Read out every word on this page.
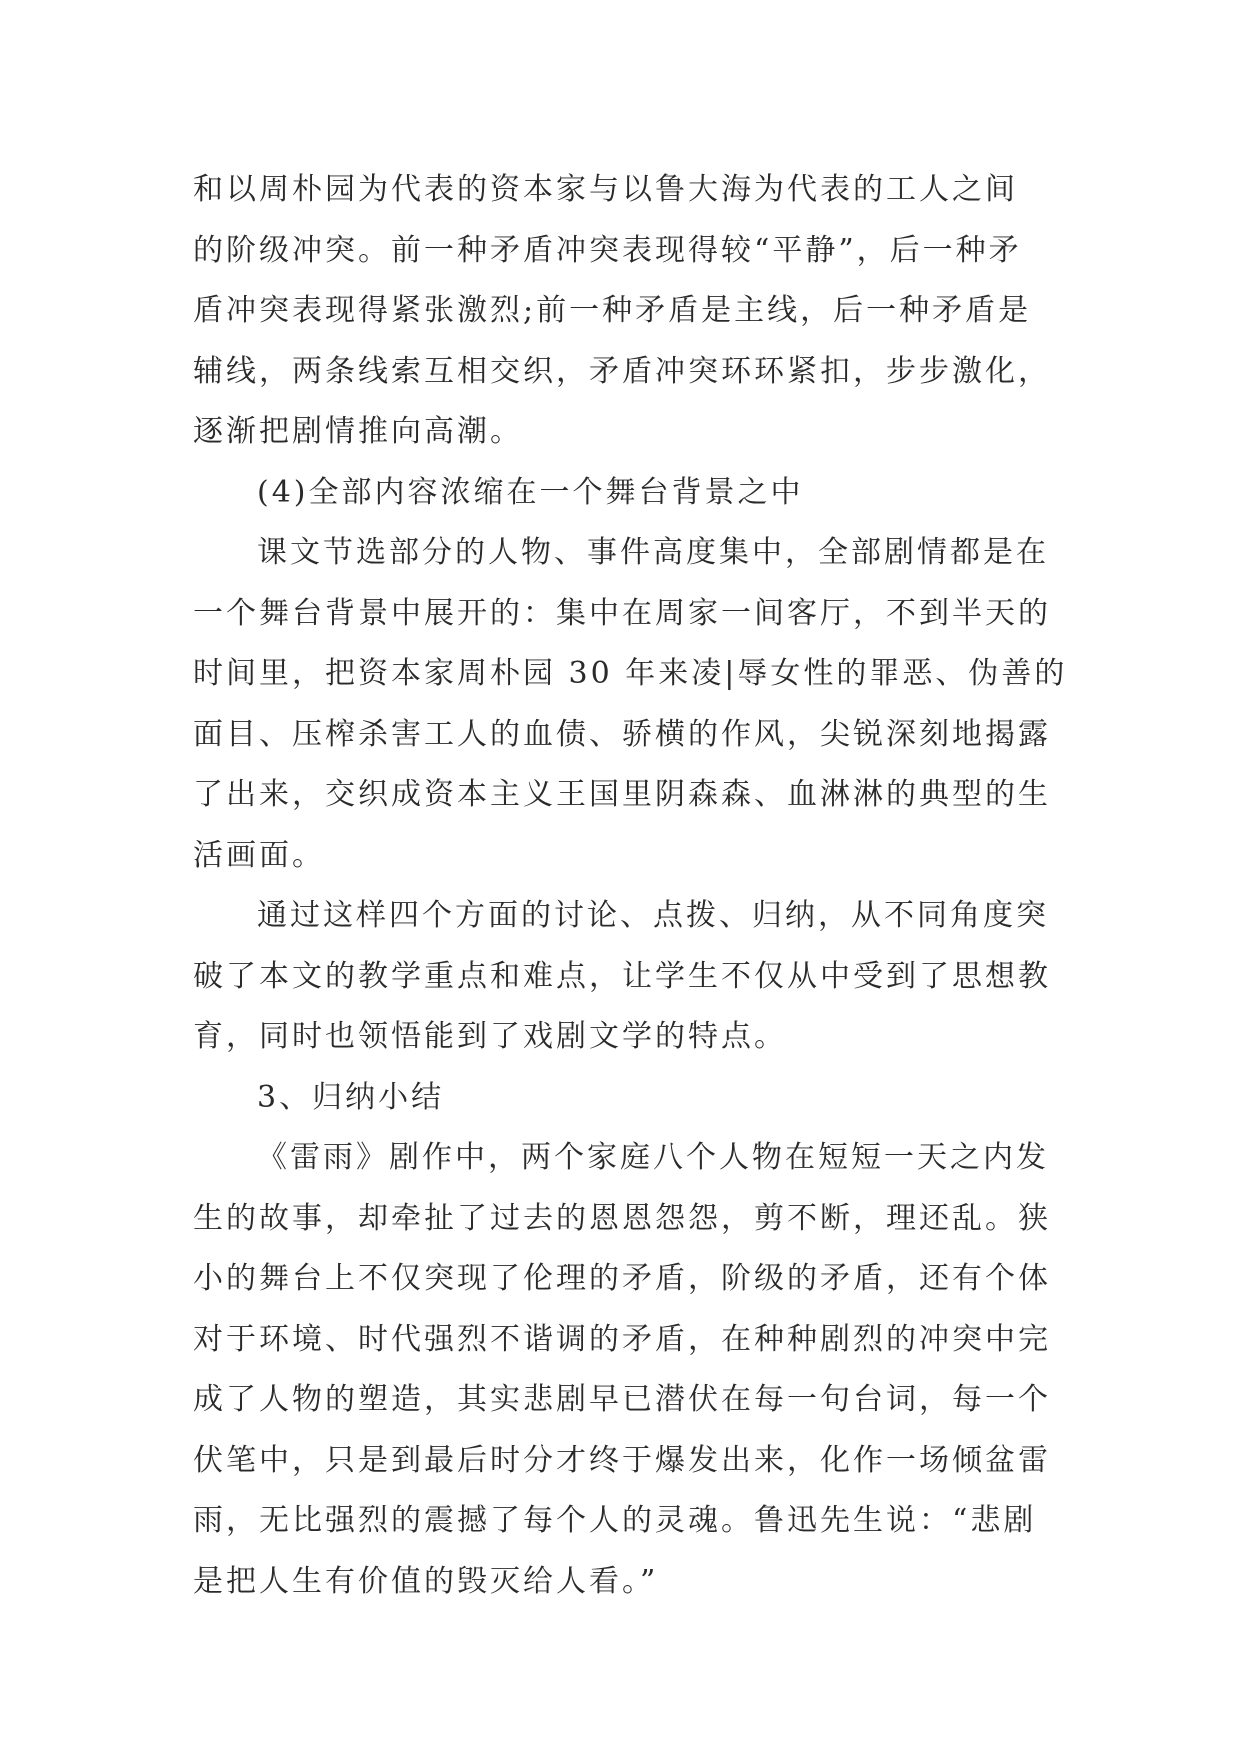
和以周朴园为代表的资本家与以鲁大海为代表的工人之间
的阶级冲突。前一种矛盾冲突表现得较“平静”，后一种矛
盾冲突表现得紧张激烈;前一种矛盾是主线，后一种矛盾是
辅线，两条线索互相交织，矛盾冲突环环紧扣，步步激化，
逐渐把剧情推向高潮。
(4)全部内容浓缩在一个舞台背景之中
课文节选部分的人物、事件高度集中，全部剧情都是在
一个舞台背景中展开的：集中在周家一间客厅，不到半天的
时间里，把资本家周朴园 30 年来凌|辱女性的罪恶、伪善的
面目、压榨杀害工人的血债、骄横的作风，尖锐深刻地揭露
了出来，交织成资本主义王国里阴森森、血淋淋的典型的生
活画面。
通过这样四个方面的讨论、点拨、归纳，从不同角度突
破了本文的教学重点和难点，让学生不仅从中受到了思想教
育，同时也领悟能到了戏剧文学的特点。
3、归纳小结
《雷雨》剧作中，两个家庭八个人物在短短一天之内发
生的故事，却牵扯了过去的恩恩怨怨，剪不断，理还乱。狭
小的舞台上不仅突现了伦理的矛盾，阶级的矛盾，还有个体
对于环境、时代强烈不谐调的矛盾，在种种剧烈的冲突中完
成了人物的塑造，其实悲剧早已潜伏在每一句台词，每一个
伏笔中，只是到最后时分才终于爆发出来，化作一场倾盆雷
雨，无比强烈的震撼了每个人的灵魂。鲁迅先生说：“悲剧
是把人生有价值的毁灭给人看。”
